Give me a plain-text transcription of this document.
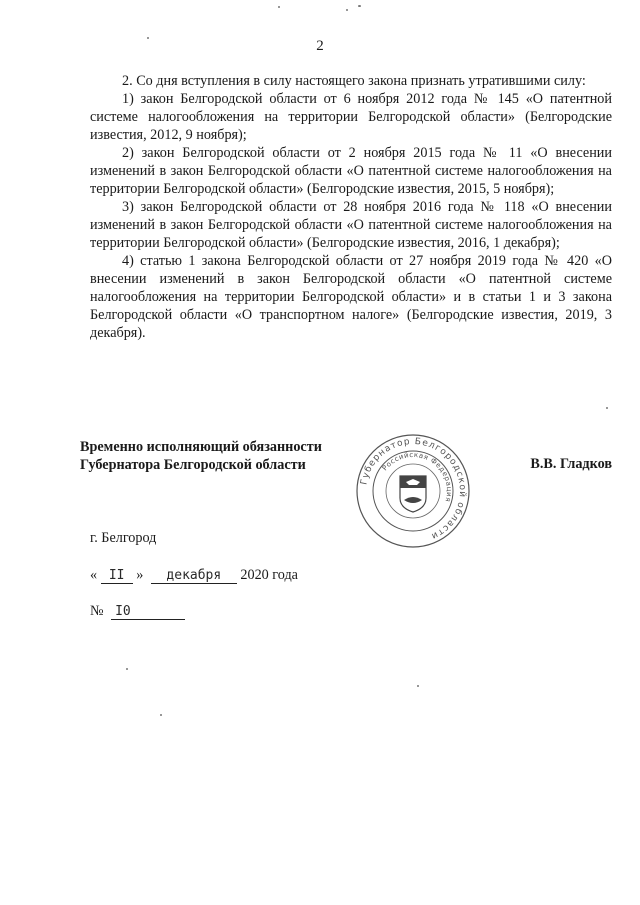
2

2. Со дня вступления в силу настоящего закона признать утратившими силу:

1) закон Белгородской области от 6 ноября 2012 года № 145 «О патентной системе налогообложения на территории Белгородской области» (Белгородские известия, 2012, 9 ноября);

2) закон Белгородской области от 2 ноября 2015 года № 11 «О внесении изменений в закон Белгородской области «О патентной системе налогообложения на территории Белгородской области» (Белгородские известия, 2015, 5 ноября);

3) закон Белгородской области от 28 ноября 2016 года № 118 «О внесении изменений в закон Белгородской области «О патентной системе налогообложения на территории Белгородской области» (Белгородские известия, 2016, 1 декабря);

4) статью 1 закона Белгородской области от 27 ноября 2019 года № 420 «О внесении изменений в закон Белгородской области «О патентной системе налогообложения на территории Белгородской области» и в статьи 1 и 3 закона Белгородской области «О транспортном налоге» (Белгородские известия, 2019, 3 декабря).

Временно исполняющий обязанности
Губернатора Белгородской области
Губернатор Белгородской области
Российская Федерация
В.В. Гладков
г. Белгород
« II » декабря 2020 года
№ I0
